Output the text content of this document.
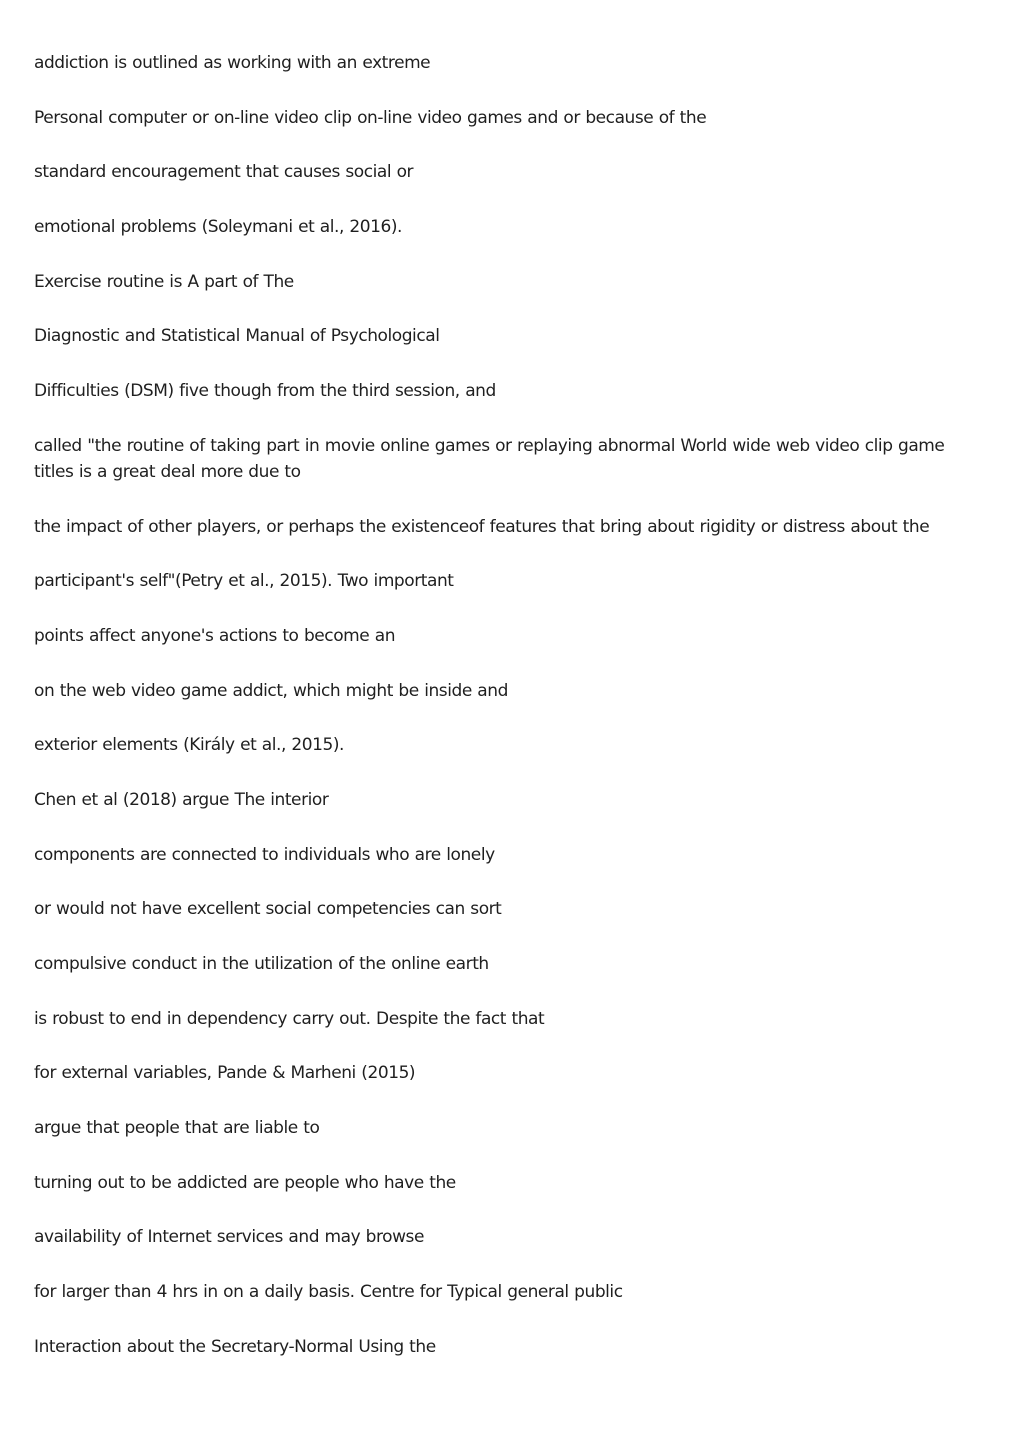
addiction is outlined as working with an extreme

Personal computer or on-line video clip on-line video games and or because of the

standard encouragement that causes social or

emotional problems (Soleymani et al., 2016).

Exercise routine is A part of The

Diagnostic and Statistical Manual of Psychological

Difficulties (DSM) five though from the third session, and

called "the routine of taking part in movie online games or replaying abnormal World wide web video clip game titles is a great deal more due to

the impact of other players, or perhaps the existenceof features that bring about rigidity or distress about the

participant's self"(Petry et al., 2015). Two important

points affect anyone's actions to become an

on the web video game addict, which might be inside and

exterior elements (Király et al., 2015).

Chen et al (2018) argue The interior

components are connected to individuals who are lonely

or would not have excellent social competencies can sort

compulsive conduct in the utilization of the online earth

is robust to end in dependency carry out. Despite the fact that

for external variables, Pande & Marheni (2015)

argue that people that are liable to

turning out to be addicted are people who have the

availability of Internet services and may browse

for larger than 4 hrs in on a daily basis. Centre for Typical general public

Interaction about the Secretary-Normal Using the
